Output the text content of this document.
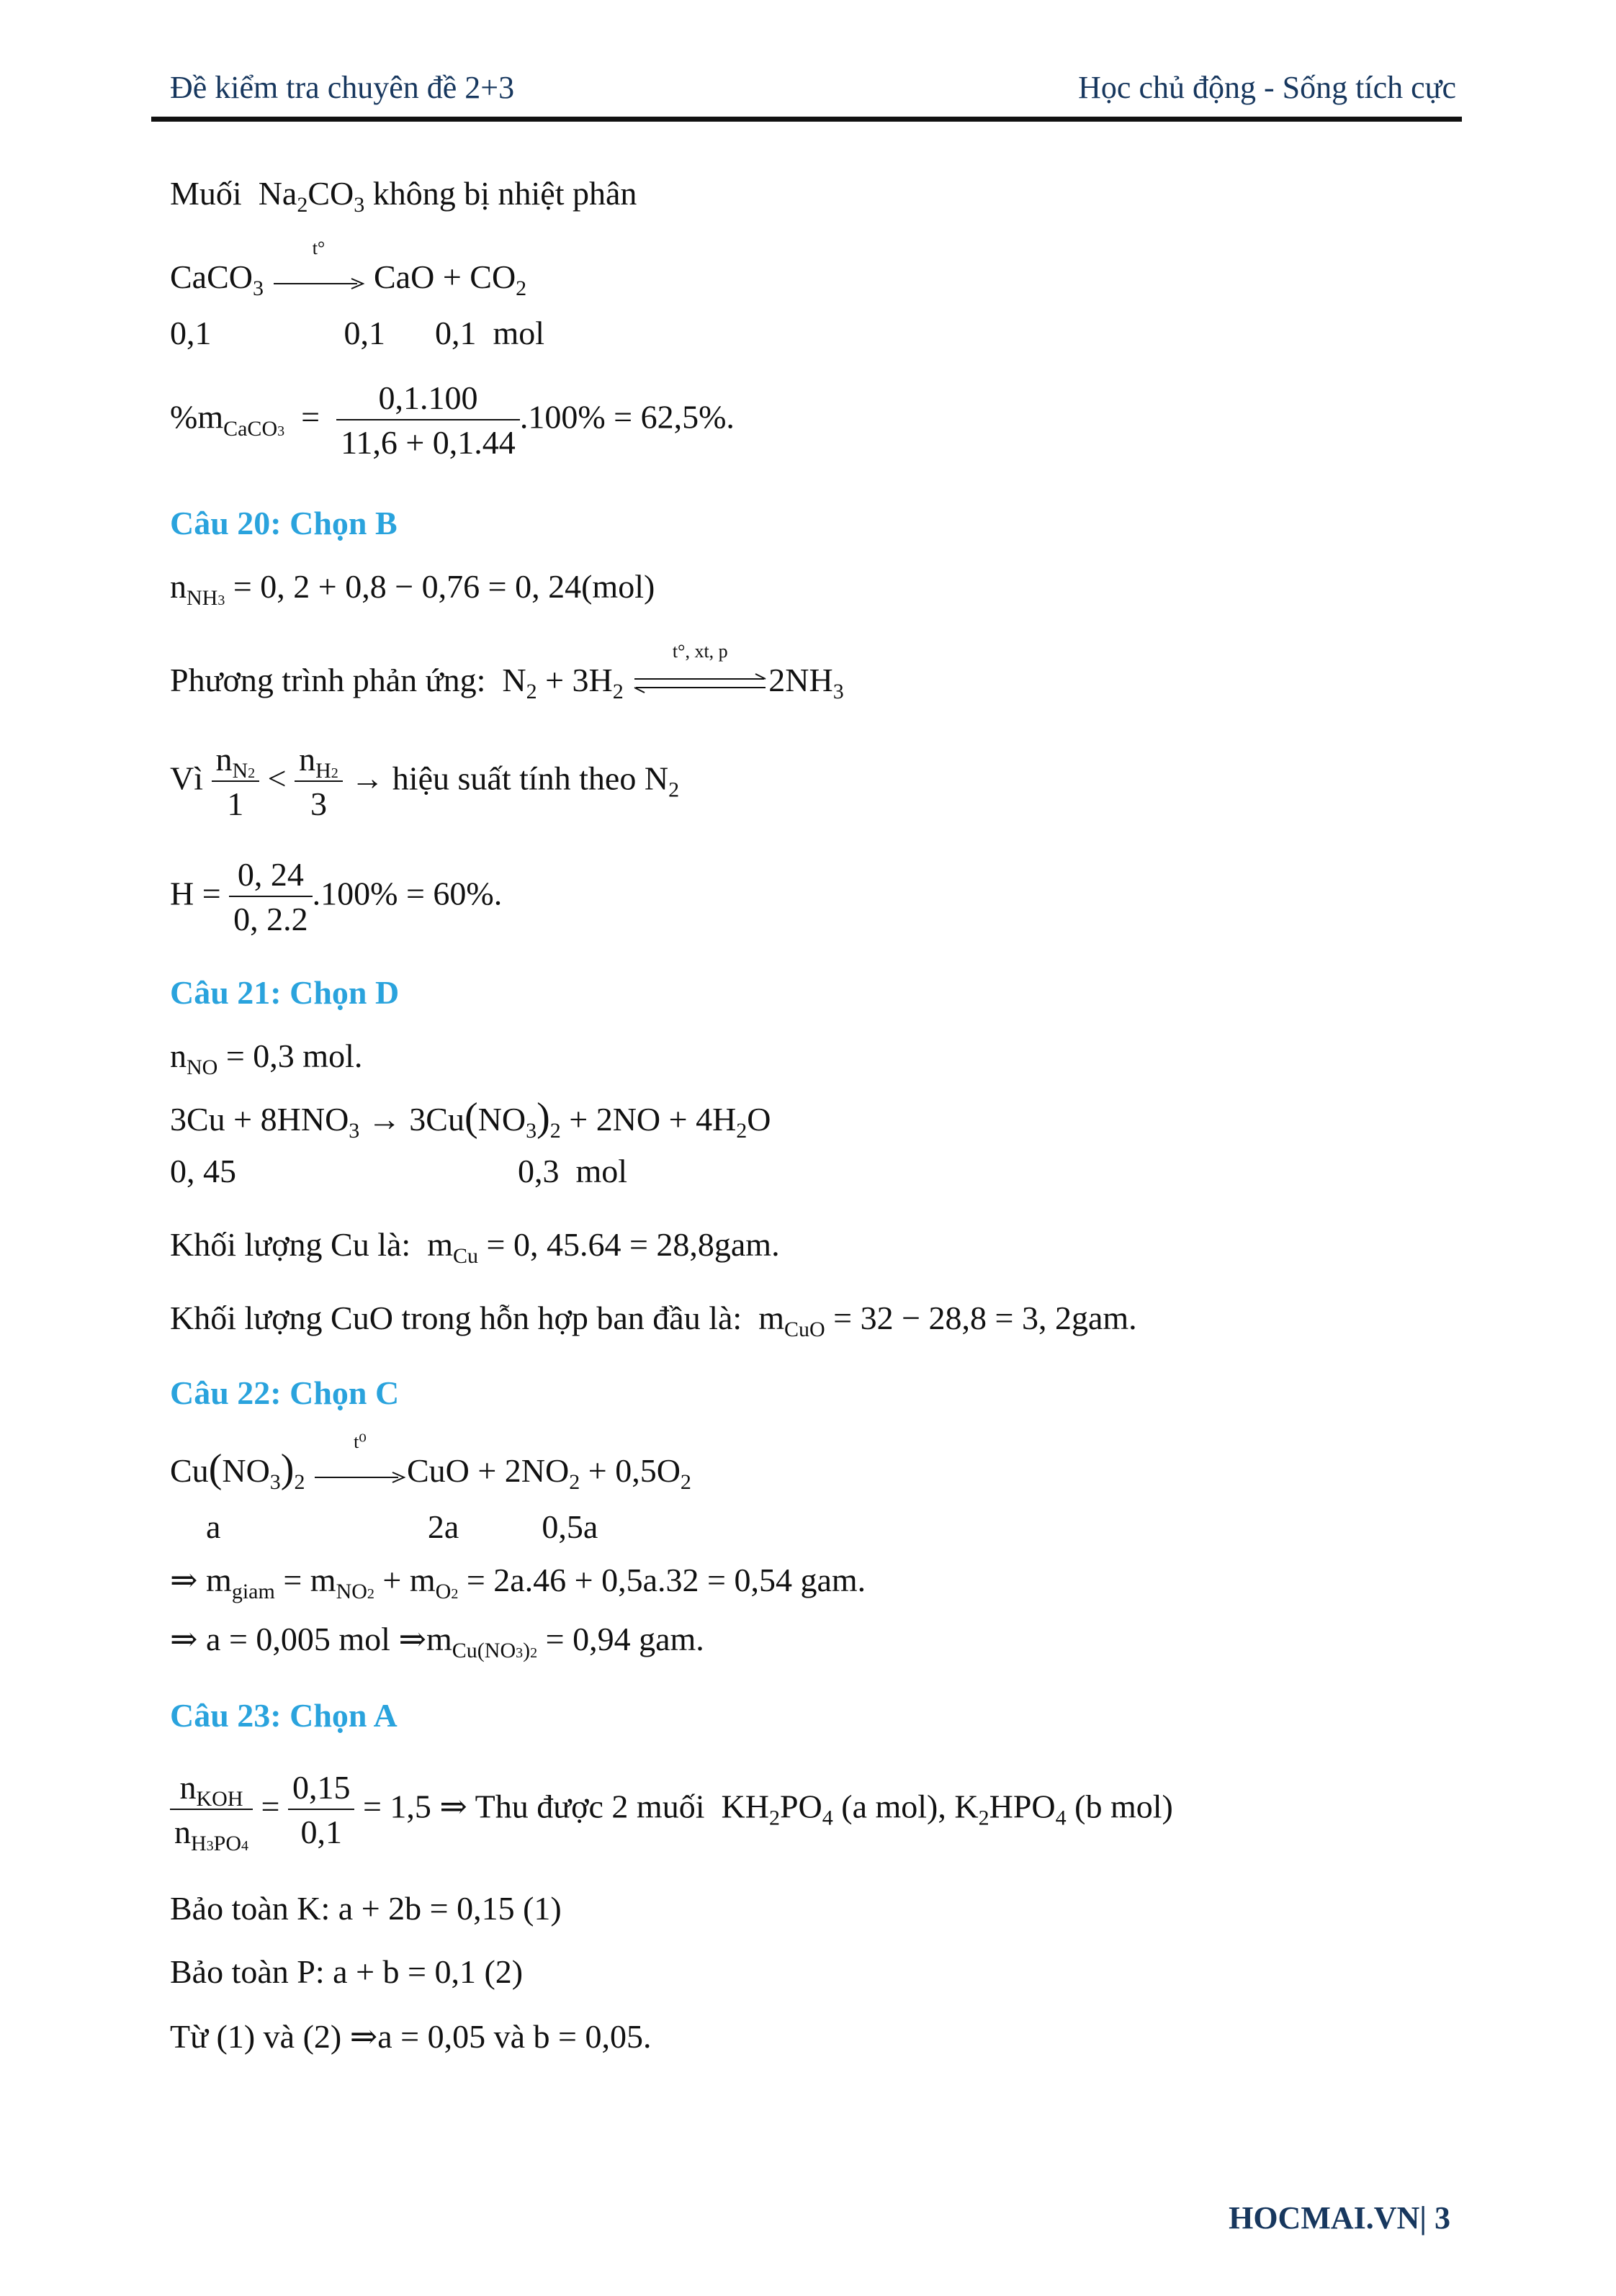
Đề kiểm tra chuyên đề 2+3	Học chủ động - Sống tích cực
Muối $Na_2CO_3$ không bị nhiệt phân
CaCO$_3$
t°
CaO + $CO_2$
0,1                0,1      0,1  mol
$\%m_{CaCO3} = \frac{0,1.100}{11,6 + 0,1.44} .100\% = 62,5\%$.
Câu 20: Chọn B
$n_{NH3} = 0$, 2 + 0,8 − 0,76 = 0, 24(mol)
Phương trình phản ứng:  $N_2 + 3H_2$
t°, xt, p
$2NH_3$
Vì $\frac{n_{N2}}{1} < \frac{n_{H2}}{3}$ → hiệu suất tính theo $N_2$
$H = \frac{0, 24}{0, 2.2} .100\% = 60\%$.
Câu 21: Chọn D
$n_{NO} = 0,3$ mol.
$3Cu + 8HNO_3 \to 3Cu(NO_3)_2 + 2NO + 4H_2O$
0, 45                                  0,3  mol
Khối lượng Cu là:  $m_{Cu} = 0$, 45.64 = 28,8gam.
Khối lượng CuO trong hỗn hợp ban đầu là:  $m_{CuO} = 32 - 28,8 = 3$, 2gam.
Câu 22: Chọn C
$Cu(NO_3)_2$
t⁰
CuO + $2NO_2 + 0,5O_2$
a                         2a          0,5a
⇒ $m_{giam} = m_{NO2} + m_{O2} = 2a.46 + 0,5a.32 = 0,54$ gam.
⇒ a = 0,005 mol $\Rightarrow m_{Cu(NO3)2} = 0,94$ gam.
Câu 23: Chọn A
$\frac{n_{KOH}}{n_{H3PO4}} = \frac{0,15}{0,1} = 1,5$ ⇒ Thu được 2 muối  $KH_2PO_4$ (a mol), $K_2HPO_4$ (b mol)
Bảo toàn K: a + 2b = 0,15 (1)
Bảo toàn P: a + b = 0,1 (2)
Từ (1) và (2) ⇒a = 0,05 và b = 0,05.
HOCMAI.VN| 3
